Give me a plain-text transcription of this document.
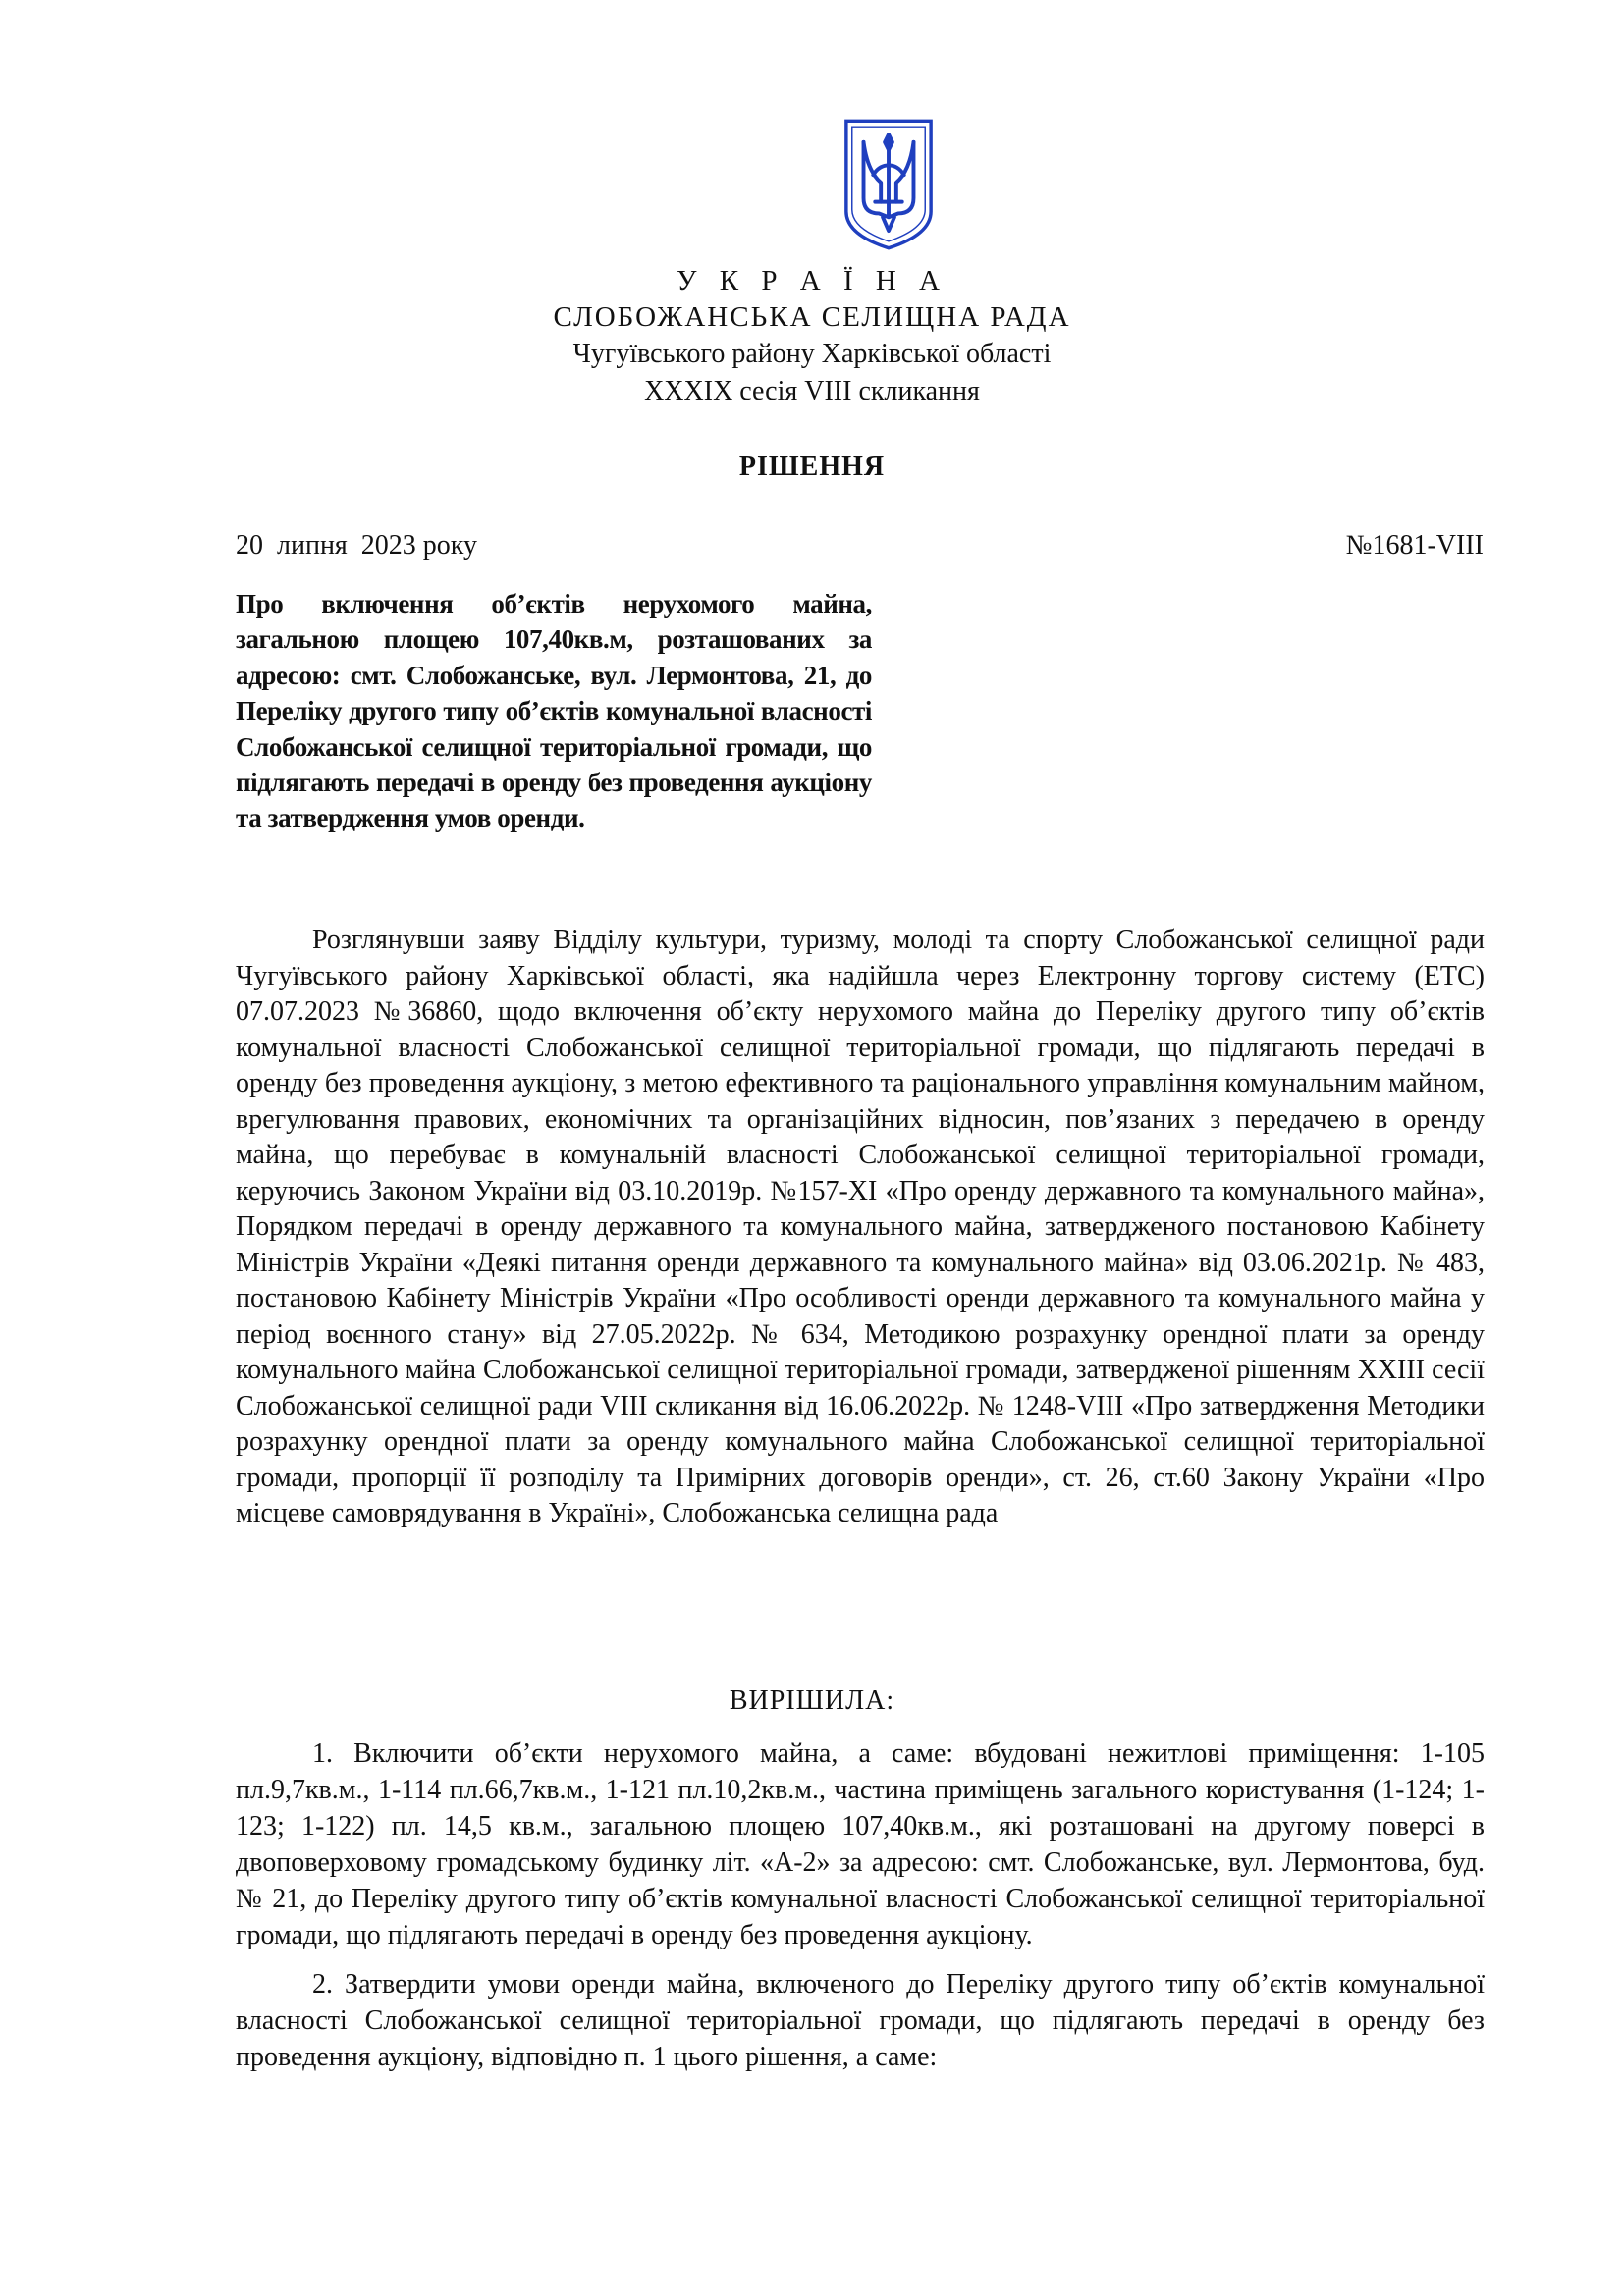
У К Р А Ї Н А
СЛОБОЖАНСЬКА СЕЛИЩНА РАДА
Чугуївського району Харківської області
XXXIX сесія VIII скликання
РІШЕННЯ
20  липня  2023 року	№1681-VIII
Про включення об’єктів нерухомого майна, загальною площею 107,40кв.м, розташованих за адресою: смт. Слобожанське, вул. Лермонтова, 21, до Переліку другого типу об’єктів комунальної власності Слобожанської селищної територіальної громади, що підлягають передачі в оренду без проведення аукціону та затвердження умов оренди.

Розглянувши заяву Відділу культури, туризму, молоді та спорту Слобожанської селищної ради Чугуївського району Харківської області, яка надійшла через Електронну торгову систему (ЕТС) 07.07.2023 №36860, щодо включення об’єкту нерухомого майна до Переліку другого типу об’єктів комунальної власності Слобожанської селищної територіальної громади, що підлягають передачі в оренду без проведення аукціону, з метою ефективного та раціонального управління комунальним майном, врегулювання правових, економічних та організаційних відносин, пов’язаних з передачею в оренду майна, що перебуває в комунальній власності Слобожанської селищної територіальної громади, керуючись Законом України від 03.10.2019р. №157-XI «Про оренду державного та комунального майна», Порядком передачі в оренду державного та комунального майна, затвердженого постановою Кабінету Міністрів України «Деякі питання оренди державного та комунального майна» від 03.06.2021р. № 483, постановою Кабінету Міністрів України «Про особливості оренди державного та комунального майна у період воєнного стану» від 27.05.2022р. № 634, Методикою розрахунку орендної плати за оренду комунального майна Слобожанської селищної територіальної громади, затвердженої рішенням XXIII сесії Слобожанської селищної ради VIII скликання від 16.06.2022р. № 1248-VIII «Про затвердження Методики розрахунку орендної плати за оренду комунального майна Слобожанської селищної територіальної громади, пропорції її розподілу та Примірних договорів оренди», ст. 26, ст.60 Закону України «Про місцеве самоврядування в Україні», Слобожанська селищна рада

ВИРІШИЛА:

1. Включити об’єкти нерухомого майна, а саме: вбудовані нежитлові приміщення: 1-105 пл.9,7кв.м., 1-114 пл.66,7кв.м., 1-121 пл.10,2кв.м., частина приміщень загального користування (1-124; 1-123; 1-122) пл. 14,5 кв.м., загальною площею 107,40кв.м., які розташовані на другому поверсі в двоповерховому громадському будинку літ. «А-2» за адресою: смт. Слобожанське, вул. Лермонтова, буд. № 21, до Переліку другого типу об’єктів комунальної власності Слобожанської селищної територіальної громади, що підлягають передачі в оренду без проведення аукціону.

2. Затвердити умови оренди майна, включеного до Переліку другого типу об’єктів комунальної власності Слобожанської селищної територіальної громади, що підлягають передачі в оренду без проведення аукціону, відповідно п. 1 цього рішення, а саме:
